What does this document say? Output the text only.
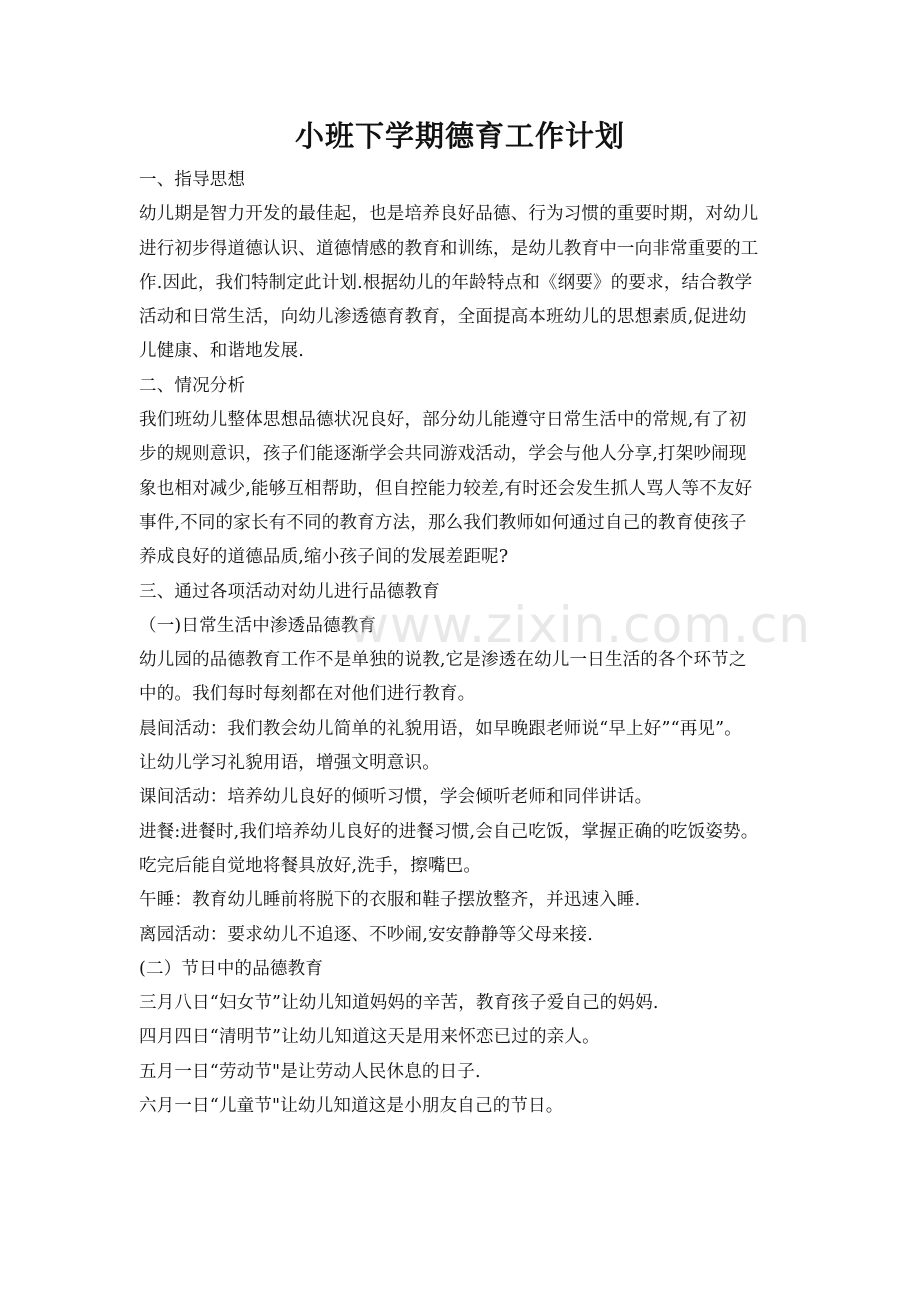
小班下学期德育工作计划
一、指导思想
幼儿期是智力开发的最佳起，也是培养良好品德、行为习惯的重要时期，对幼儿
进行初步得道德认识、道德情感的教育和训练，是幼儿教育中一向非常重要的工
作.因此，我们特制定此计划.根据幼儿的年龄特点和《纲要》的要求，结合教学
活动和日常生活，向幼儿渗透德育教育，全面提高本班幼儿的思想素质,促进幼
儿健康、和谐地发展.
二、情况分析
我们班幼儿整体思想品德状况良好，部分幼儿能遵守日常生活中的常规,有了初
步的规则意识，孩子们能逐渐学会共同游戏活动，学会与他人分享,打架吵闹现
象也相对减少,能够互相帮助，但自控能力较差,有时还会发生抓人骂人等不友好
事件,不同的家长有不同的教育方法，那么我们教师如何通过自己的教育使孩子
养成良好的道德品质,缩小孩子间的发展差距呢?
三、通过各项活动对幼儿进行品德教育
（一)日常生活中渗透品德教育
幼儿园的品德教育工作不是单独的说教,它是渗透在幼儿一日生活的各个环节之
中的。我们每时每刻都在对他们进行教育。
晨间活动：我们教会幼儿简单的礼貌用语，如早晚跟老师说“早上好”“再见”。
让幼儿学习礼貌用语，增强文明意识。
课间活动：培养幼儿良好的倾听习惯，学会倾听老师和同伴讲话。
进餐:进餐时,我们培养幼儿良好的进餐习惯,会自己吃饭，掌握正确的吃饭姿势。
吃完后能自觉地将餐具放好,洗手，擦嘴巴。
午睡：教育幼儿睡前将脱下的衣服和鞋子摆放整齐，并迅速入睡.
离园活动：要求幼儿不追逐、不吵闹,安安静静等父母来接.
(二）节日中的品德教育
三月八日“妇女节”让幼儿知道妈妈的辛苦，教育孩子爱自己的妈妈.
四月四日“清明节”让幼儿知道这天是用来怀恋已过的亲人。
五月一日“劳动节"是让劳动人民休息的日子.
六月一日“儿童节"让幼儿知道这是小朋友自己的节日。
www.zixin.com.cn
